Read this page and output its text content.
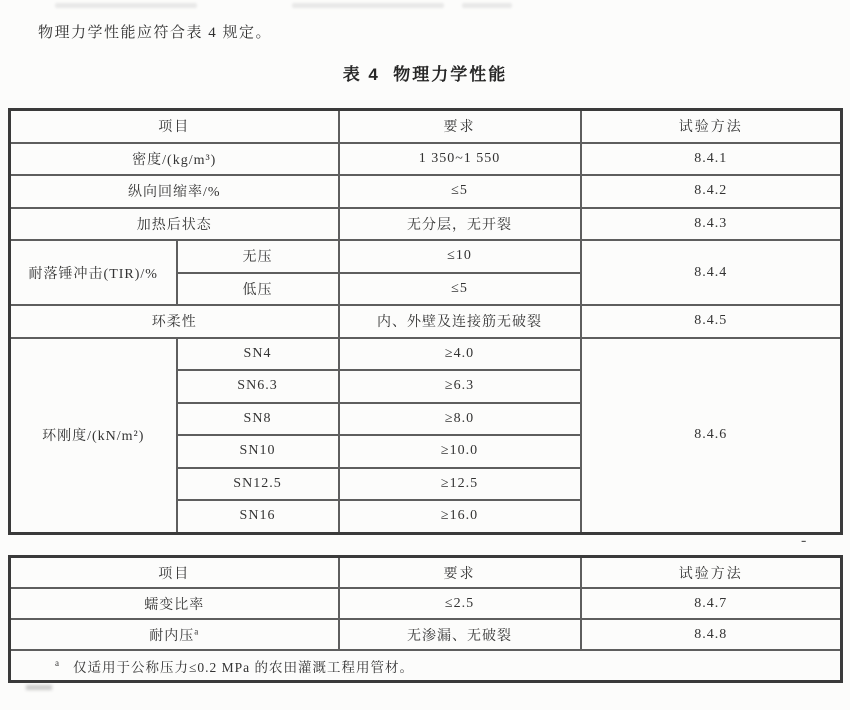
物理力学性能应符合表 4 规定。

表 4  物理力学性能
项目		要求	试验方法
密度/(kg/m³)		1 350~1 550	8.4.1
纵向回缩率/%		≤5	8.4.2
加热后状态		无分层，无开裂	8.4.3
耐落锤冲击(TIR)/%	无压	≤10	8.4.4
	低压	≤5	
环柔性		内、外壁及连接筋无破裂	8.4.5
环刚度/(kN/m²)	SN4	≥4.0	8.4.6
	SN6.3	≥6.3	
	SN8	≥8.0	
	SN10	≥10.0	
	SN12.5	≥12.5	
	SN16	≥16.0	
-
项目	要求	试验方法
蠕变比率	≤2.5	8.4.7
耐内压$^a$	无渗漏、无破裂	8.4.8
$^a$ 仅适用于公称压力≤0.2 MPa 的农田灌溉工程用管材。		
